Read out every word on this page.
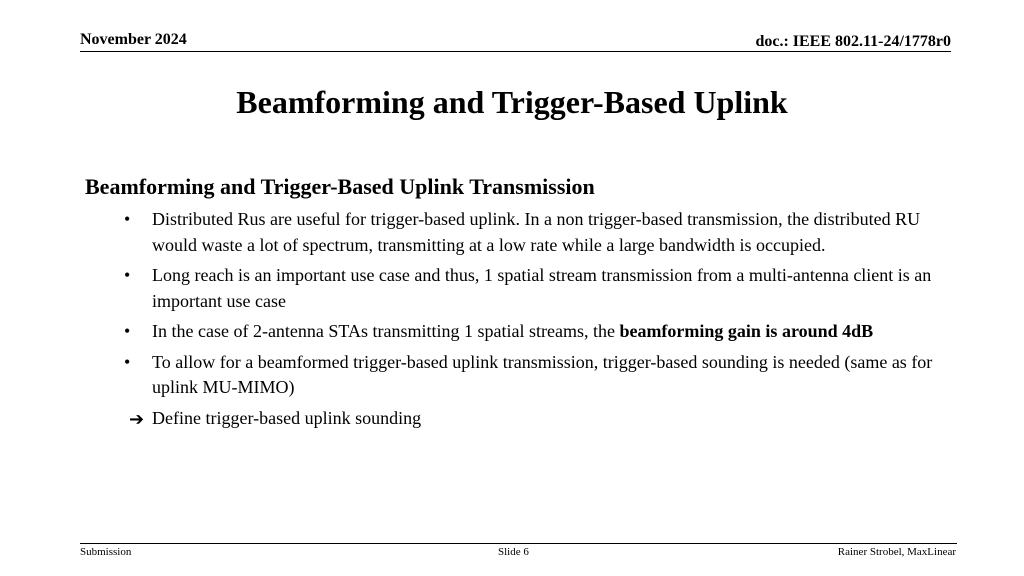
November 2024	doc.: IEEE 802.11-24/1778r0
Beamforming and Trigger-Based Uplink
Beamforming and Trigger-Based Uplink Transmission
• Distributed Rus are useful for trigger-based uplink. In a non trigger-based transmission, the distributed RU would waste a lot of spectrum, transmitting at a low rate while a large bandwidth is occupied.
• Long reach is an important use case and thus, 1 spatial stream transmission from a multi-antenna client is an important use case
• In the case of 2-antenna STAs transmitting 1 spatial streams, the beamforming gain is around 4dB
• To allow for a beamformed trigger-based uplink transmission, trigger-based sounding is needed (same as for uplink MU-MIMO)
➔ Define trigger-based uplink sounding
Submission	Slide 6	Rainer Strobel, MaxLinear
